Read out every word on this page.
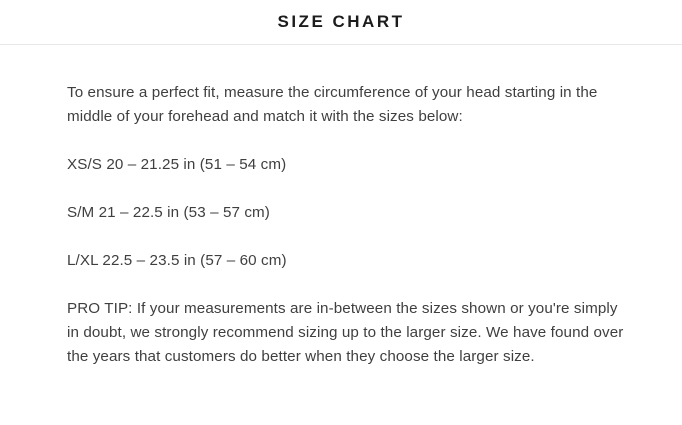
SIZE CHART

To ensure a perfect fit, measure the circumference of your head starting in the middle of your forehead and match it with the sizes below:

XS/S 20 – 21.25 in (51 – 54 cm)

S/M 21 – 22.5 in (53 – 57 cm)

L/XL 22.5 – 23.5 in (57 – 60 cm)

PRO TIP: If your measurements are in-between the sizes shown or you're simply in doubt, we strongly recommend sizing up to the larger size. We have found over the years that customers do better when they choose the larger size.
